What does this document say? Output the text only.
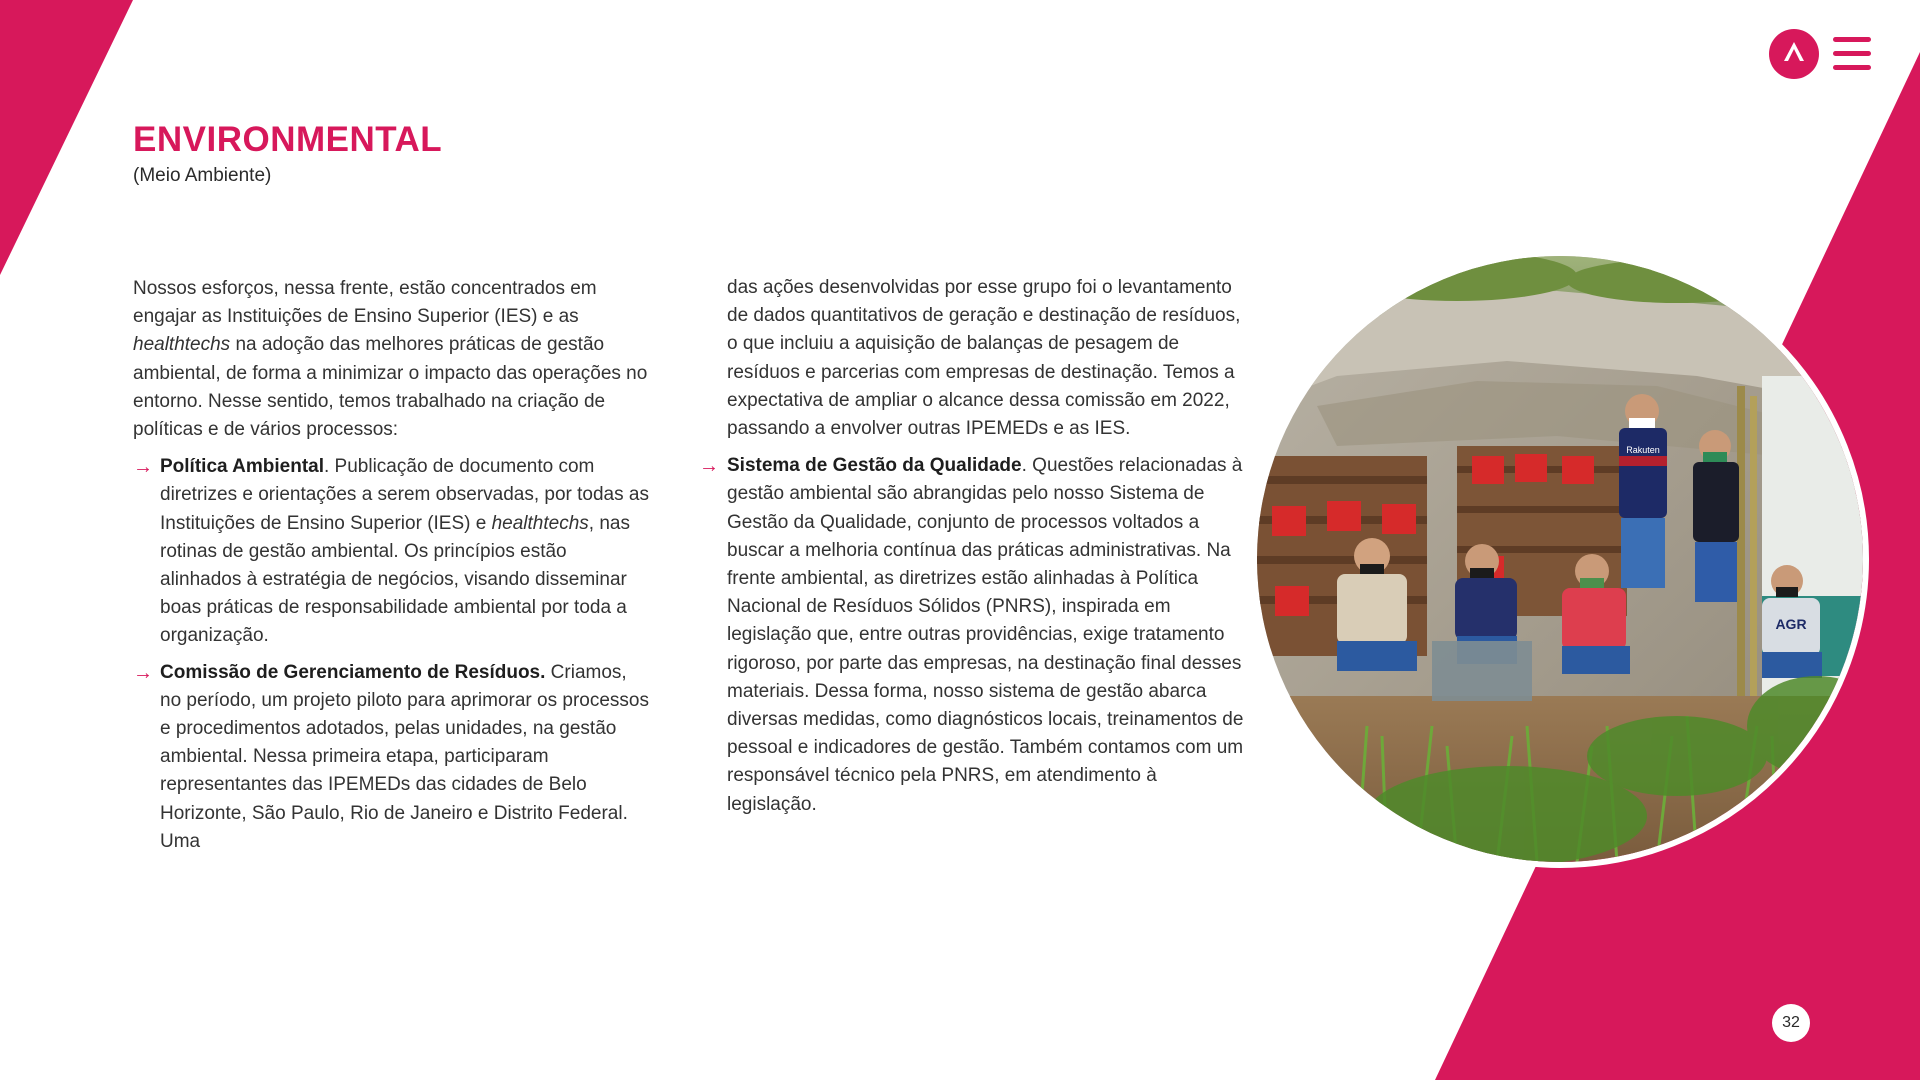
Rakuten
AGR
ENVIRONMENTAL

(Meio Ambiente)

Nossos esforços, nessa frente, estão concentrados em engajar as Instituições de Ensino Superior (IES) e as healthtechs na adoção das melhores práticas de gestão ambiental, de forma a minimizar o impacto das operações no entorno. Nesse sentido, temos trabalhado na criação de políticas e de vários processos:

→ Política Ambiental. Publicação de documento com diretrizes e orientações a serem observadas, por todas as Instituições de Ensino Superior (IES) e healthtechs, nas rotinas de gestão ambiental. Os princípios estão alinhados à estratégia de negócios, visando disseminar boas práticas de responsabilidade ambiental por toda a organização.
→ Comissão de Gerenciamento de Resíduos. Criamos, no período, um projeto piloto para aprimorar os processos e procedimentos adotados, pelas unidades, na gestão ambiental. Nessa primeira etapa, participaram representantes das IPEMEDs das cidades de Belo Horizonte, São Paulo, Rio de Janeiro e Distrito Federal. Uma

das ações desenvolvidas por esse grupo foi o levantamento de dados quantitativos de geração e destinação de resíduos, o que incluiu a aquisição de balanças de pesagem de resíduos e parcerias com empresas de destinação. Temos a expectativa de ampliar o alcance dessa comissão em 2022, passando a envolver outras IPEMEDs e as IES.

→ Sistema de Gestão da Qualidade. Questões relacionadas à gestão ambiental são abrangidas pelo nosso Sistema de Gestão da Qualidade, conjunto de processos voltados a buscar a melhoria contínua das práticas administrativas. Na frente ambiental, as diretrizes estão alinhadas à Política Nacional de Resíduos Sólidos (PNRS), inspirada em legislação que, entre outras providências, exige tratamento rigoroso, por parte das empresas, na destinação final desses materiais. Dessa forma, nosso sistema de gestão abarca diversas medidas, como diagnósticos locais, treinamentos de pessoal e indicadores de gestão. Também contamos com um responsável técnico pela PNRS, em atendimento à legislação.
32
